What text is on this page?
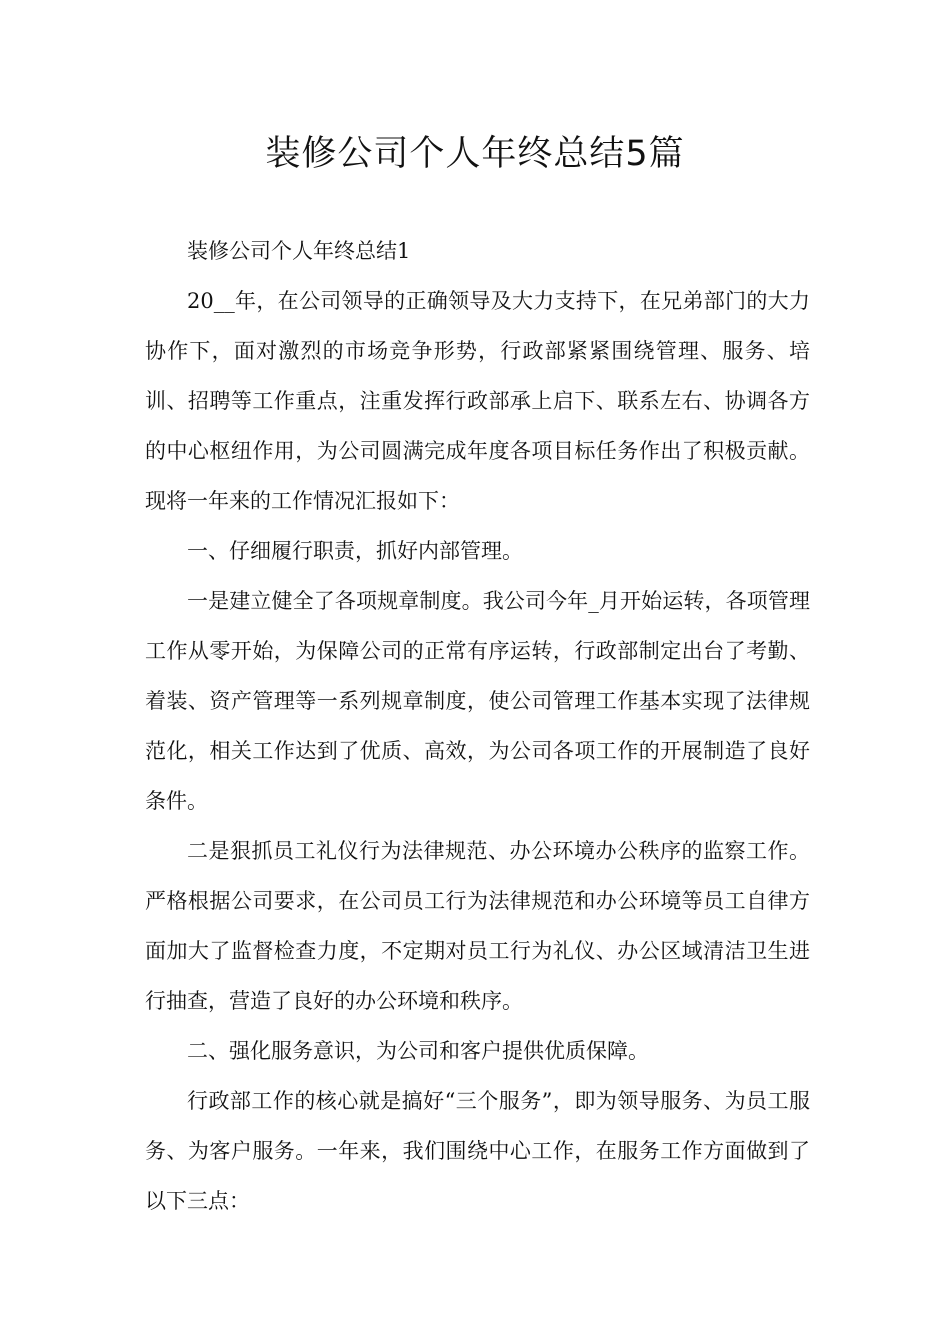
装修公司个人年终总结5篇

装修公司个人年终总结1

20__年，在公司领导的正确领导及大力支持下，在兄弟部门的大力协作下，面对激烈的市场竞争形势，行政部紧紧围绕管理、服务、培训、招聘等工作重点，注重发挥行政部承上启下、联系左右、协调各方的中心枢纽作用，为公司圆满完成年度各项目标任务作出了积极贡献。现将一年来的工作情况汇报如下：

一、仔细履行职责，抓好内部管理。

一是建立健全了各项规章制度。我公司今年_月开始运转，各项管理工作从零开始，为保障公司的正常有序运转，行政部制定出台了考勤、着装、资产管理等一系列规章制度，使公司管理工作基本实现了法律规范化，相关工作达到了优质、高效，为公司各项工作的开展制造了良好条件。

二是狠抓员工礼仪行为法律规范、办公环境办公秩序的监察工作。严格根据公司要求，在公司员工行为法律规范和办公环境等员工自律方面加大了监督检查力度，不定期对员工行为礼仪、办公区域清洁卫生进行抽查，营造了良好的办公环境和秩序。

二、强化服务意识，为公司和客户提供优质保障。

行政部工作的核心就是搞好“三个服务”，即为领导服务、为员工服务、为客户服务。一年来，我们围绕中心工作，在服务工作方面做到了以下三点：
